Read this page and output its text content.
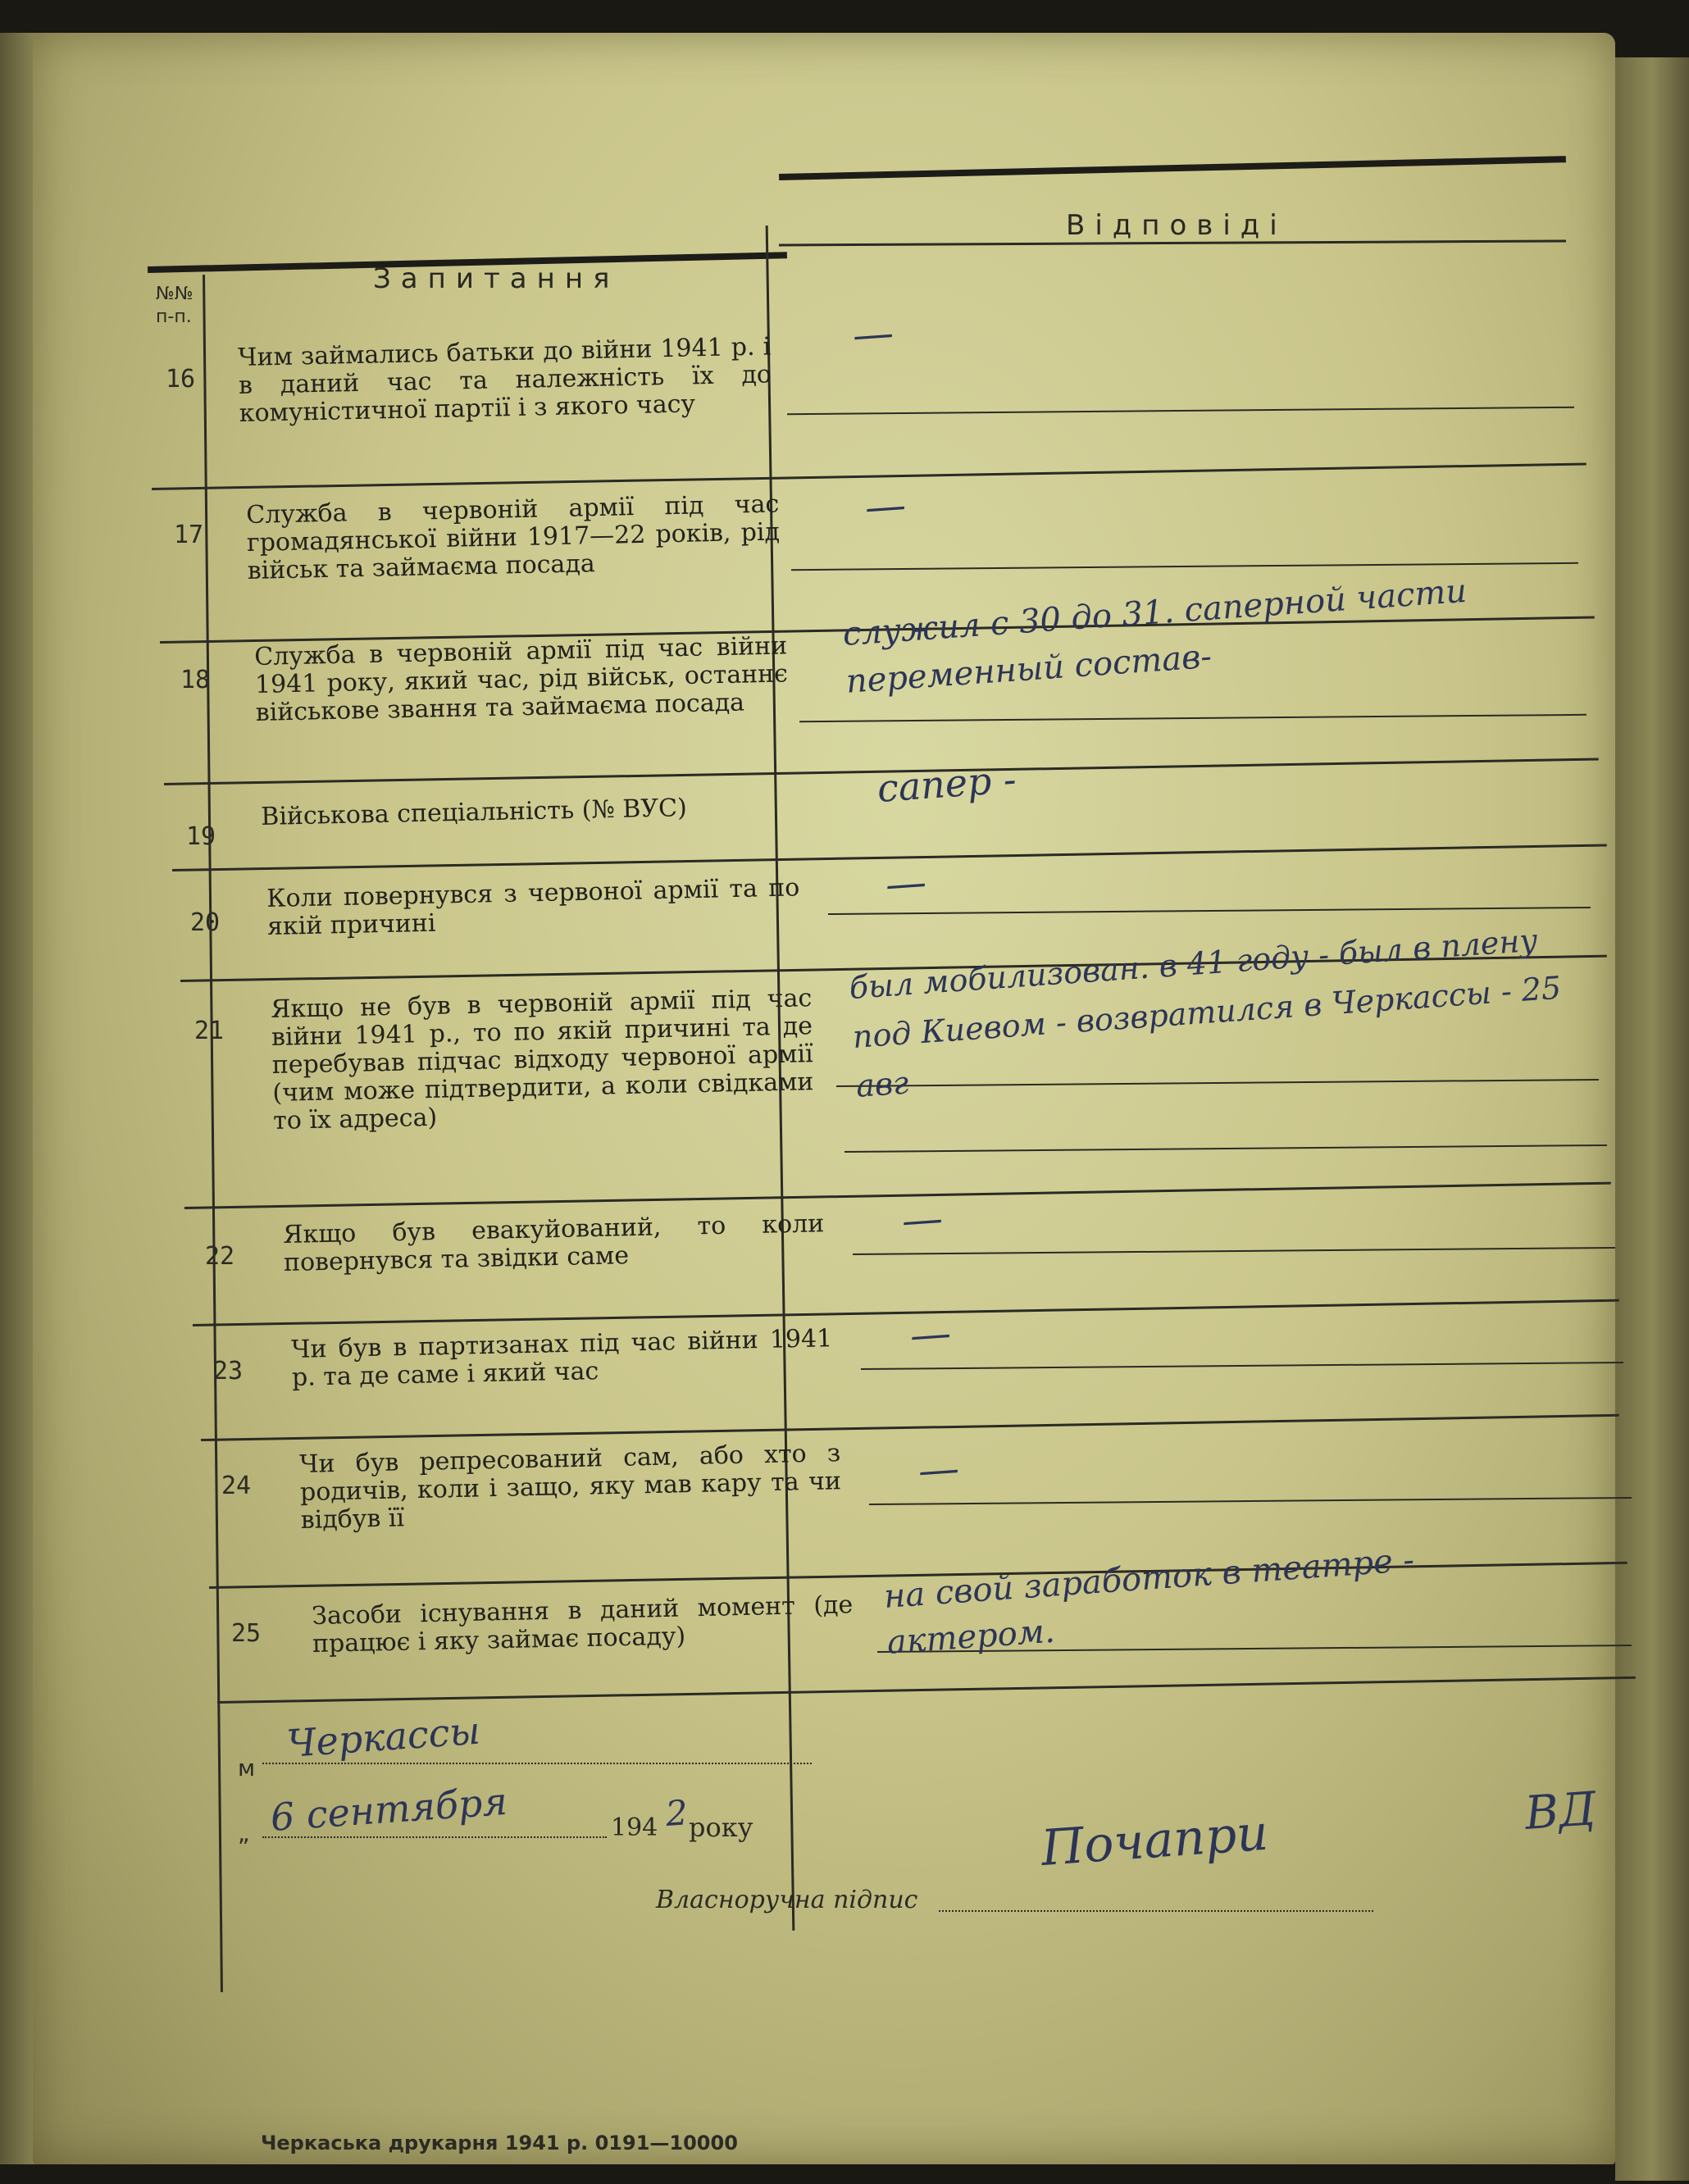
Відповіді
Запитання
№№
п-п.
16
17
18
19
20
21
22
23
24
25
Чим займались батьки до війни 1941 р. і в даний час та належність їх до комуністичної партії і з якого часу
Служба в червоній армії під час громадянської війни 1917—22 років, рід військ та займаєма посада
Служба в червоній армії під час війни 1941 року, який час, рід військ, останнє військове звання та займаєма посада
Військова спеціальність (№ ВУС)
Коли повернувся з червоної армії та по якій причині
Якщо не був в червоній армії під час війни 1941 р., то по якій причині та де перебував підчас відходу червоної армії (чим може підтвердити, а коли свідками то їх адреса)
Якщо був евакуйований, то коли повернувся та звідки саме
Чи був в партизанах під час війни 1941 р. та де саме і який час
Чи був репресований сам, або хто з родичів, коли і защо, яку мав кару та чи відбув її
Засоби існування в даний момент (де працює і яку займає посаду)
—
—
служил с 30 до 31. саперной части переменный состав-
сапер -
—
был мобилизован. в 41 году - был в плену под Киевом - возвратился в Черкассы - 25 авг
—
—
—
на свой заработок в театре - актером.
м
Черкассы
„ 6 сентября	194 2 року
Власноручна підпис
Почапри	ВД
Черкаська друкарня 1941 р. 0191—10000
